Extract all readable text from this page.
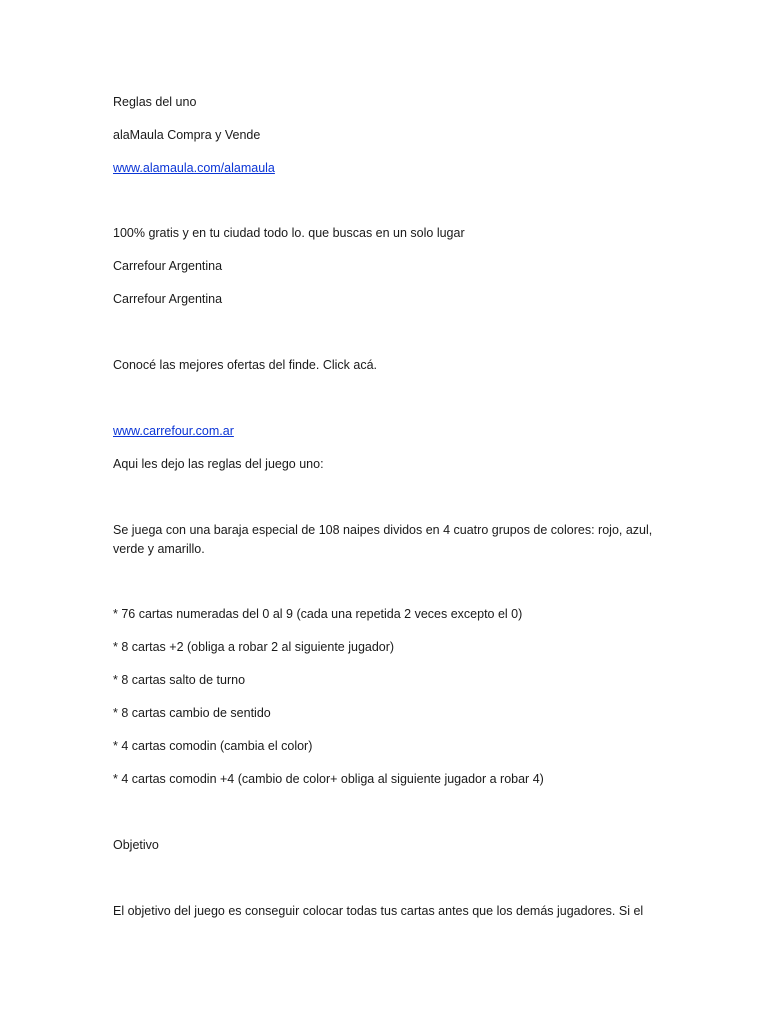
Reglas del uno
alaMaula Compra y Vende
www.alamaula.com/alamaula
100% gratis y en tu ciudad todo lo. que buscas en un solo lugar
Carrefour Argentina
Carrefour Argentina
Conocé las mejores ofertas del finde. Click acá.
www.carrefour.com.ar
Aqui les dejo las reglas del juego uno:
Se juega con una baraja especial de 108 naipes dividos en 4 cuatro grupos de colores: rojo, azul, verde y amarillo.
* 76 cartas numeradas del 0 al 9 (cada una repetida 2 veces excepto el 0)
* 8 cartas +2 (obliga a robar 2 al siguiente jugador)
* 8 cartas salto de turno
* 8 cartas cambio de sentido
* 4 cartas comodin (cambia el color)
* 4 cartas comodin +4 (cambio de color+ obliga al siguiente jugador a robar 4)
Objetivo
El objetivo del juego es conseguir colocar todas tus cartas antes que los demás jugadores. Si el
